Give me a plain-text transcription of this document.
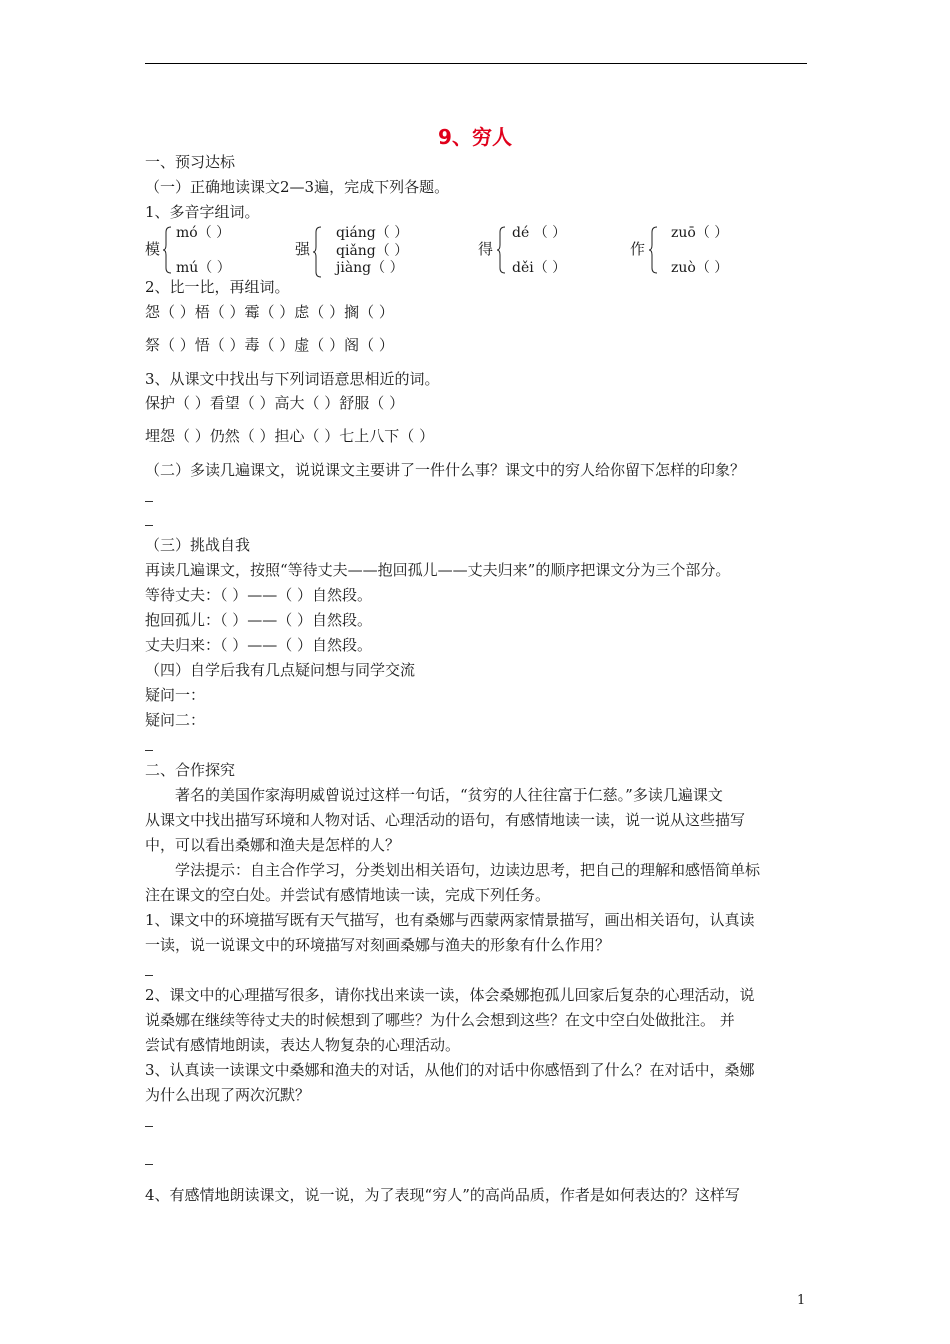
9、穷人
一、预习达标
（一）正确地读课文2—3遍，完成下列各题。
1、多音字组词。
模
mó（ ）
mú（ ）
强
qiáng（ ）
qiǎng（ ）
jiàng（ ）
得
dé （ ）
děi（ ）
作
zuō（ ）
zuò（ ）
2、比一比，再组词。
怨（ ）梧（ ）霉（ ）虑（ ）搁（ ）
祭（ ）悟（ ）毒（ ）虚（ ）阁（ ）
3、从课文中找出与下列词语意思相近的词。
保护（ ）看望（ ）高大（ ）舒服（ ）
埋怨（ ）仍然（ ）担心（ ）七上八下（ ）
（二）多读几遍课文，说说课文主要讲了一件什么事？课文中的穷人给你留下怎样的印象？
（三）挑战自我
再读几遍课文，按照“等待丈夫——抱回孤儿——丈夫归来”的顺序把课文分为三个部分。
等待丈夫：（ ）——（ ）自然段。
抱回孤儿：（ ）——（ ）自然段。
丈夫归来：（ ）——（ ）自然段。
（四）自学后我有几点疑问想与同学交流
疑问一：
疑问二：
二、合作探究
著名的美国作家海明威曾说过这样一句话，“贫穷的人往往富于仁慈。”多读几遍课文
从课文中找出描写环境和人物对话、心理活动的语句，有感情地读一读，说一说从这些描写
中，可以看出桑娜和渔夫是怎样的人？
学法提示：自主合作学习，分类划出相关语句，边读边思考，把自己的理解和感悟简单标
注在课文的空白处。并尝试有感情地读一读，完成下列任务。
1、课文中的环境描写既有天气描写，也有桑娜与西蒙两家情景描写，画出相关语句，认真读
一读，说一说课文中的环境描写对刻画桑娜与渔夫的形象有什么作用？
2、课文中的心理描写很多，请你找出来读一读，体会桑娜抱孤儿回家后复杂的心理活动，说
说桑娜在继续等待丈夫的时候想到了哪些？为什么会想到这些？在文中空白处做批注。 并
尝试有感情地朗读，表达人物复杂的心理活动。
3、认真读一读课文中桑娜和渔夫的对话，从他们的对话中你感悟到了什么？在对话中，桑娜
为什么出现了两次沉默？
4、有感情地朗读课文，说一说，为了表现“穷人”的高尚品质，作者是如何表达的？这样写
1
